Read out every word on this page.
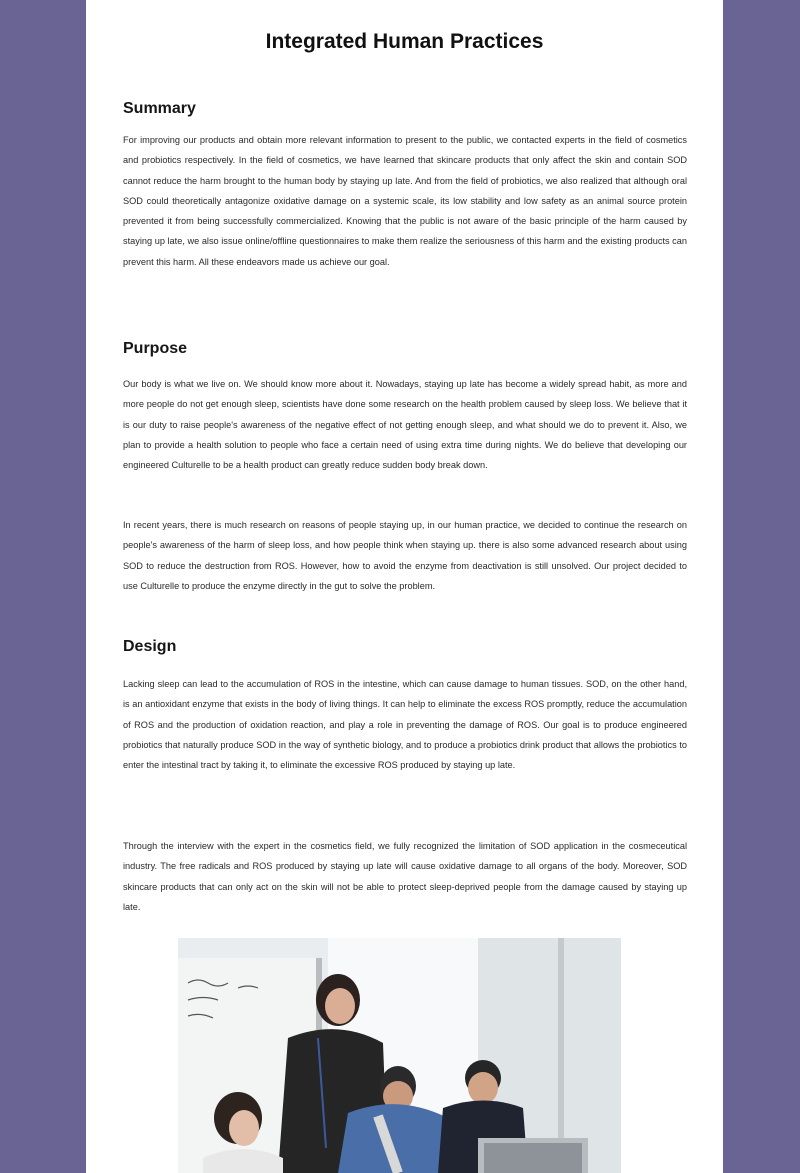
Integrated Human Practices
Summary
For improving our products and obtain more relevant information to present to the public, we contacted experts in the field of cosmetics and probiotics respectively. In the field of cosmetics, we have learned that skincare products that only affect the skin and contain SOD cannot reduce the harm brought to the human body by staying up late. And from the field of probiotics, we also realized that although oral SOD could theoretically antagonize oxidative damage on a systemic scale, its low stability and low safety as an animal source protein prevented it from being successfully commercialized. Knowing that the public is not aware of the basic principle of the harm caused by staying up late, we also issue online/offline questionnaires to make them realize the seriousness of this harm and the existing products can prevent this harm. All these endeavors made us achieve our goal.
Purpose
Our body is what we live on. We should know more about it. Nowadays, staying up late has become a widely spread habit, as more and more people do not get enough sleep, scientists have done some research on the health problem caused by sleep loss. We believe that it is our duty to raise people's awareness of the negative effect of not getting enough sleep, and what should we do to prevent it. Also, we plan to provide a health solution to people who face a certain need of using extra time during nights. We do believe that developing our engineered Culturelle to be a health product can greatly reduce sudden body break down.
In recent years, there is much research on reasons of people staying up, in our human practice, we decided to continue the research on people's awareness of the harm of sleep loss, and how people think when staying up. there is also some advanced research about using SOD to reduce the destruction from ROS. However, how to avoid the enzyme from deactivation is still unsolved. Our project decided to use Culturelle to produce the enzyme directly in the gut to solve the problem.
Design
Lacking sleep can lead to the accumulation of ROS in the intestine, which can cause damage to human tissues. SOD, on the other hand, is an antioxidant enzyme that exists in the body of living things. It can help to eliminate the excess ROS promptly, reduce the accumulation of ROS and the production of oxidation reaction, and play a role in preventing the damage of ROS. Our goal is to produce engineered probiotics that naturally produce SOD in the way of synthetic biology, and to produce a probiotics drink product that allows the probiotics to enter the intestinal tract by taking it, to eliminate the excessive ROS produced by staying up late.
Through the interview with the expert in the cosmetics field, we fully recognized the limitation of SOD application in the cosmeceutical industry. The free radicals and ROS produced by staying up late will cause oxidative damage to all organs of the body. Moreover, SOD skincare products that can only act on the skin will not be able to protect sleep-deprived people from the damage caused by staying up late.
